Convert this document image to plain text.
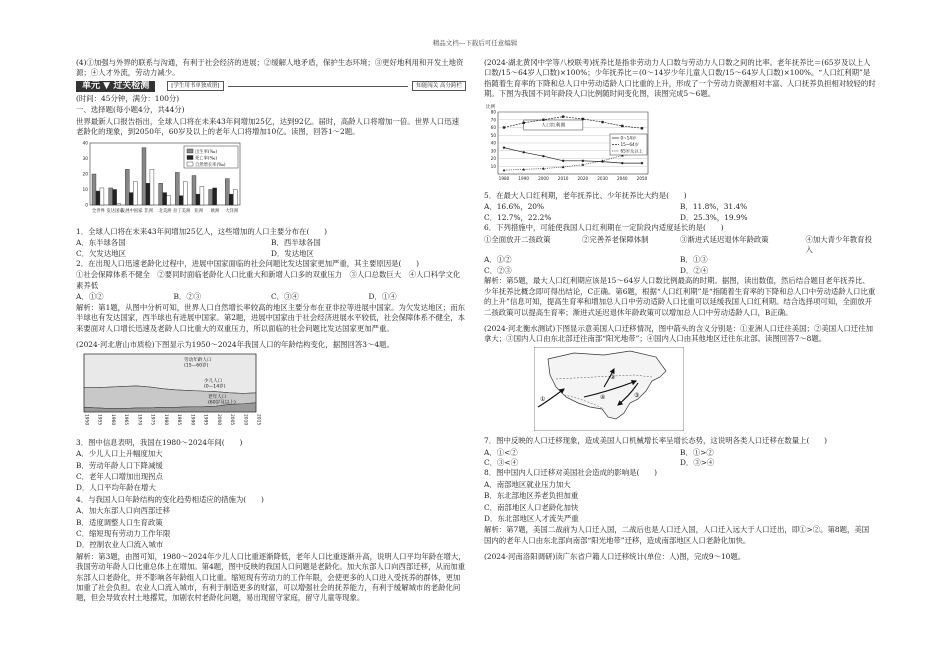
精品文档---下载后可任意编辑

(4)①加强与外界的联系与沟通，有利于社会经济的进展；②缓解人地矛盾，保护生态环境；③更好地利用和开发土地资源；④人才外流，劳动力减少。

单元 ▼ 过关检测	[学生用书单独成册]	知能闯关 高分跨栏

(时间：45分钟，满分：100分)

一、选择题(每小题4分，共44分)

世界最新人口报告指出，全球人口将在未来43年间增加25亿，达到92亿。届时，高龄人口将增加一倍。世界人口迅速老龄化的现象，到2050年，60岁及以上的老年人口将增加10亿。读图，回答1～2题。

全世界 发达国家
发展中国家 非洲 北美洲 拉丁美洲 亚洲 欧洲 大洋洲
0
10
20
30
40
出生率(‰)
死亡率(‰)
自然增长率(‰)

1．全球人口将在未来43年间增加25亿人，这些增加的人口主要分布在(　　)

A．东半球各国	B．西半球各国
C．欠发达地区	D．发达地区

2．在出现人口迅速老龄化过程中，进展中国家面临的社会问题比发达国家更加严重，其主要原因是(　　)

①社会保障体系不健全　②要同时面临老龄化人口比重大和新增人口多的双重压力　③人口总数巨大　④人口科学文化素养低

A．①②	B．②③	C．③④	D．①④

解析：第1题，从图中分析可知，世界人口自然增长率较高的地区主要分布在亚非拉等进展中国家。为欠发达地区；而东半球也有发达国家，西半球也有进展中国家。第2题，进展中国家由于社会经济进展水平较低，社会保障体系不健全，本来要面对人口增长迅速及老龄人口比重大的双重压力，所以面临的社会问题比发达国家更加严重。

(2024·河北唐山市质检)下图显示为1950～2024年我国人口的年龄结构变化，据图回答3～4题。

劳动年龄人口
(15—60岁)
少儿人口
(0—14岁)
老年人口
(60岁及以上)
1950 1955 1960 1965 1970 1975 1980 1985 1990 1995 2000 2005 2010 2015

3．图中信息表明，我国在1980～2024年间(　　)

A．少儿人口上升幅度加大

B．劳动年龄人口下降减缓

C．老年人口增加出现拐点

D．人口平均年龄在增大

4．与我国人口年龄结构的变化趋势相适应的措施为(　　)

A．加大东部人口向西部迁移

B．适度调整人口生育政策

C．缩短现有劳动力工作年限

D．控制农业人口流入城市

解析：第3题，由图可知，1980～2024年少儿人口比重逐渐降低，老年人口比重逐渐升高，说明人口平均年龄在增大，我国劳动年龄人口比重总体上在增加。第4题，图中反映的我国人口问题是老龄化。加大东部人口向西部迁移，从而加重东部人口老龄化，并不影响各年龄组人口比重。缩短现有劳动力的工作年限，会使更多的人口进入受抚养的群体，更加加重了社会负担。农业人口流入城市，有利于制造更多的财富，可以增强社会的抚养能力，有利于缓解城市的老龄化问题，但会导致农村土地撂荒，加剧农村老龄化问题，易出现留守家庭，留守儿童等现象。

(2024·湖北黄冈中学等八校联考)抚养比是指非劳动力人口数与劳动力人口数之间的比率。老年抚养比＝(65岁及以上人口数/15～64岁人口数)×100%；少年抚养比＝(0～14岁少年儿童人口数/15～64岁人口数)×100%。“人口红利期”是指随着生育率的下降和总人口中劳动适龄人口比重的上升，形成了一个劳动力资源相对丰富、人口抚养负担相对较轻的时期。下图为我国不同年龄段人口比例随时间变化图，读图完成5～6题。

比例
10
20
30
40
50
60
70
80
人口红利期
1980 1990 2000 2010 2020 2030 2040 2050
0~14岁
15~64岁
65岁及以上

5．在最大人口红利期，老年抚养比、少年抚养比大约是(　　)

A．16.6%，20%	B．11.8%，31.4%
C．12.7%，22.2%	D．25.3%，19.9%

6．下列措施中，可能使我国人口红利期在一定阶段内适度延长的是(　　)

①全面放开二孩政策	②完善养老保障体制	③渐进式延迟退休年龄政策	④加大青少年教育投入
A．①②	B．①③
C．②③	D．②④

解析：第5题，最大人口红利期应该是15～64岁人口数比例最高的时期。据图，读出数值，然后结合题目老年抚养比、少年抚养比概念即可得出结论，C正确。第6题，根据“人口红利期”是“指随着生育率的下降和总人口中劳动适龄人口比重的上升”信息可知，提高生育率和增加总人口中劳动适龄人口比重可以延缓我国人口红利期。结合选择项可知，全面放开二孩政策可以提高生育率；渐进式延迟退休年龄政策可以增加总人口中劳动适龄人口，B正确。

(2024·河北衡水测试)下图显示意美国人口迁移情况，图中箭头的含义分别是：①亚洲人口迁往美国；②美国人口迁往加拿大；③国内人口由东北部迁往南部“阳光地带”；④国内人口由其他地区迁往东北部。读图回答7～8题。

①
②
③
④

7．图中反映的人口迁移现象，造成美国人口机械增长率呈增长态势，这说明各类人口迁移在数量上(　　)

A．①<②	B．①>②
C．③<④	D．③>④

8．图中国内人口迁移对美国社会造成的影响是(　　)

A．南部地区就业压力加大

B．东北部地区养老负担加重

C．南部地区人口老龄化加快

D．东北部地区人才流失严重

解析：第7题，美国二战前为人口迁入国，二战后也是人口迁入国，人口迁入远大于人口迁出，即①>②。第8题，美国国内的老年人口由东北部向南部“阳光地带”迁移，造成南部地区人口老龄化加快。

(2024·河南洛阳调研)读广东省户籍人口迁移统计(单位：人)图，完成9～10题。
